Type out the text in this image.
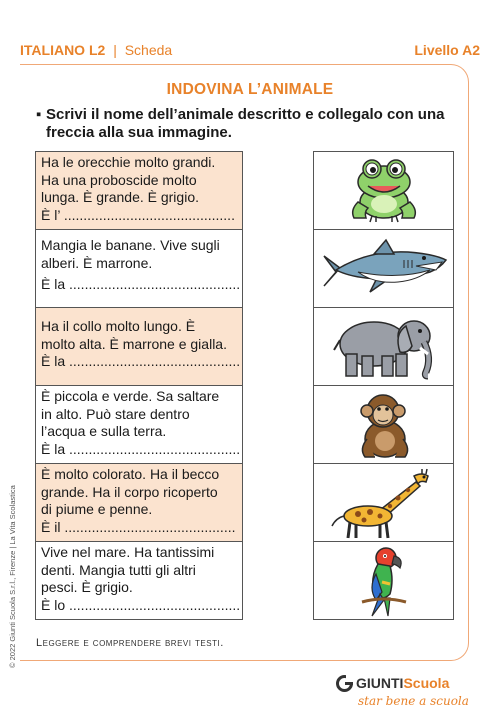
ITALIANO L2 | Scheda	Livello A2
INDOVINA L’ANIMALE
▪ Scrivi il nome dell’animale descritto e collegalo con una freccia alla sua immagine.
Ha le orecchie molto grandi.
Ha una proboscide molto
lunga. È grande. È grigio.
È l’ ............................................
Mangia le banane. Vive sugli
alberi. È marrone.
È la ............................................
Ha il collo molto lungo. È
molto alta. È marrone e gialla.
È la ............................................
È piccola e verde. Sa saltare
in alto. Può stare dentro
l’acqua e sulla terra.
È la ............................................
È molto colorato. Ha il becco
grande. Ha il corpo ricoperto
di piume e penne.
È il ............................................
Vive nel mare. Ha tantissimi
denti. Mangia tutti gli altri
pesci. È grigio.
È lo ............................................
Leggere e comprendere brevi testi.
© 2022 Giunti Scuola S.r.l., Firenze | La Vita Scolastica
GIUNTIScuola
star bene a scuola
